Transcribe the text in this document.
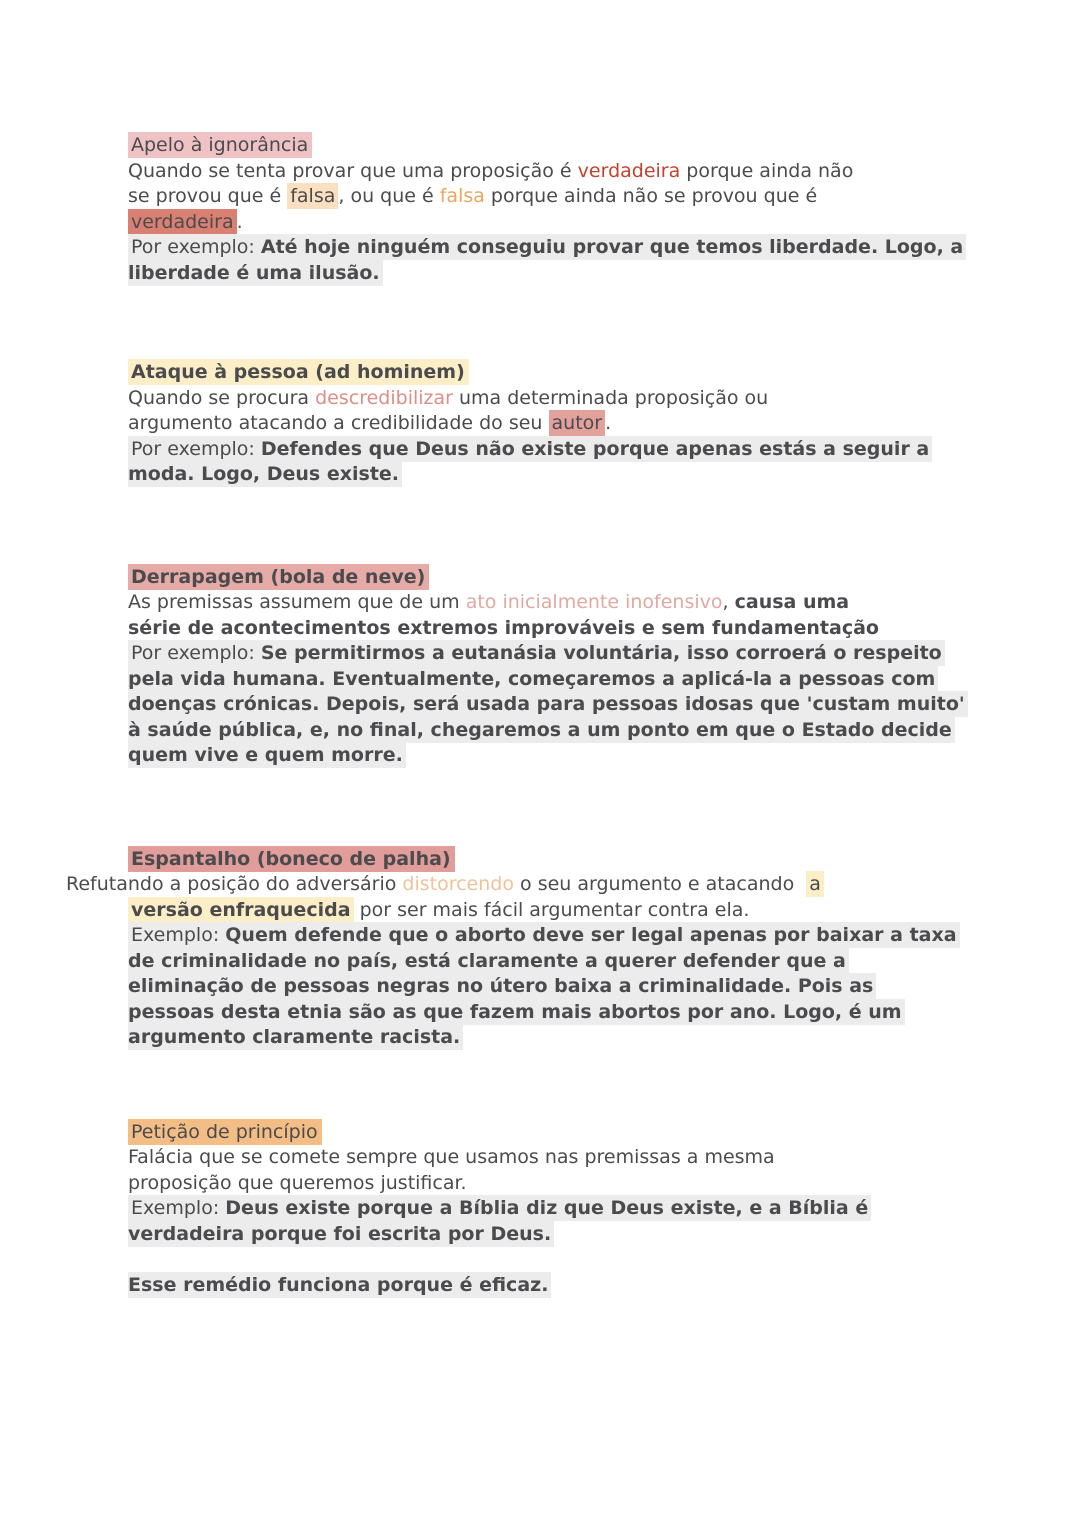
Apelo à ignorância
Quando se tenta provar que uma proposição é verdadeira porque ainda não
se provou que é falsa , ou que é falsa porque ainda não se provou que é
verdadeira .
Por exemplo: Até hoje ninguém conseguiu provar que temos liberdade. Logo, a
liberdade é uma ilusão.
Ataque à pessoa (ad hominem)
Quando se procura descredibilizar uma determinada proposição ou
argumento atacando a credibilidade do seu autor .
Por exemplo: Defendes que Deus não existe porque apenas estás a seguir a
moda. Logo, Deus existe.
Derrapagem (bola de neve)
As premissas assumem que de um ato inicialmente inofensivo, causa uma
série de acontecimentos extremos improváveis e sem fundamentação
Por exemplo: Se permitirmos a eutanásia voluntária, isso corroerá o respeito
pela vida humana. Eventualmente, começaremos a aplicá-la a pessoas com
doenças crónicas. Depois, será usada para pessoas idosas que 'custam muito'
à saúde pública, e, no final, chegaremos a um ponto em que o Estado decide
quem vive e quem morre.
Espantalho (boneco de palha)
Refutando a posição do adversário distorcendo o seu argumento e atacando  a
versão enfraquecida por ser mais fácil argumentar contra ela.
Exemplo: Quem defende que o aborto deve ser legal apenas por baixar a taxa
de criminalidade no país, está claramente a querer defender que a
eliminação de pessoas negras no útero baixa a criminalidade. Pois as
pessoas desta etnia são as que fazem mais abortos por ano. Logo, é um
argumento claramente racista.
Petição de princípio
Falácia que se comete sempre que usamos nas premissas a mesma
proposição que queremos justificar.
Exemplo: Deus existe porque a Bíblia diz que Deus existe, e a Bíblia é
verdadeira porque foi escrita por Deus.
Esse remédio funciona porque é eficaz.
